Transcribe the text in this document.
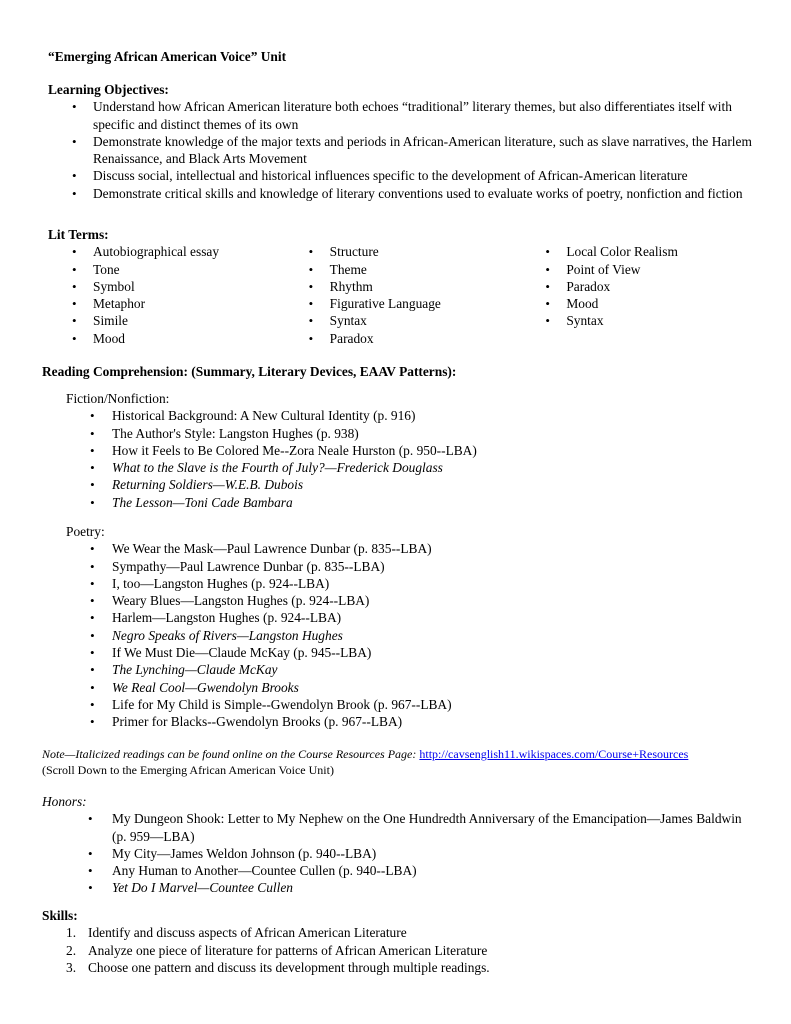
“Emerging African American Voice” Unit
Learning Objectives:
• Understand how African American literature both echoes “traditional” literary themes, but also differentiates itself with specific and distinct themes of its own
• Demonstrate knowledge of the major texts and periods in African-American literature, such as slave narratives, the Harlem Renaissance, and Black Arts Movement
• Discuss social, intellectual and historical influences specific to the development of African-American literature
• Demonstrate critical skills and knowledge of literary conventions used to evaluate works of poetry, nonfiction and fiction
Lit Terms:
• Autobiographical essay
• Tone
• Symbol
• Metaphor
• Simile
• Mood
• Structure
• Theme
• Rhythm
• Figurative Language
• Syntax
• Paradox
• Local Color Realism
• Point of View
• Paradox
• Mood
• Syntax
Reading Comprehension: (Summary, Literary Devices, EAAV Patterns):
Fiction/Nonfiction:
• Historical Background: A New Cultural Identity (p. 916)
• The Author's Style: Langston Hughes (p. 938)
• How it Feels to Be Colored Me--Zora Neale Hurston (p. 950--LBA)
• What to the Slave is the Fourth of July?—Frederick Douglass
• Returning Soldiers—W.E.B. Dubois
• The Lesson—Toni Cade Bambara
Poetry:
• We Wear the Mask—Paul Lawrence Dunbar (p. 835--LBA)
• Sympathy—Paul Lawrence Dunbar (p. 835--LBA)
• I, too—Langston Hughes (p. 924--LBA)
• Weary Blues—Langston Hughes (p. 924--LBA)
• Harlem—Langston Hughes (p. 924--LBA)
• Negro Speaks of Rivers—Langston Hughes
• If We Must Die—Claude McKay (p. 945--LBA)
• The Lynching—Claude McKay
• We Real Cool—Gwendolyn Brooks
• Life for My Child is Simple--Gwendolyn Brook (p. 967--LBA)
• Primer for Blacks--Gwendolyn Brooks (p. 967--LBA)
Note—Italicized readings can be found online on the Course Resources Page: http://cavsenglish11.wikispaces.com/Course+Resources
(Scroll Down to the Emerging African American Voice Unit)
Honors:
• My Dungeon Shook: Letter to My Nephew on the One Hundredth Anniversary of the Emancipation—James Baldwin (p. 959—LBA)
• My City—James Weldon Johnson (p. 940--LBA)
• Any Human to Another—Countee Cullen (p. 940--LBA)
• Yet Do I Marvel—Countee Cullen
Skills:
1. Identify and discuss aspects of African American Literature
2. Analyze one piece of literature for patterns of African American Literature
3. Choose one pattern and discuss its development through multiple readings.
